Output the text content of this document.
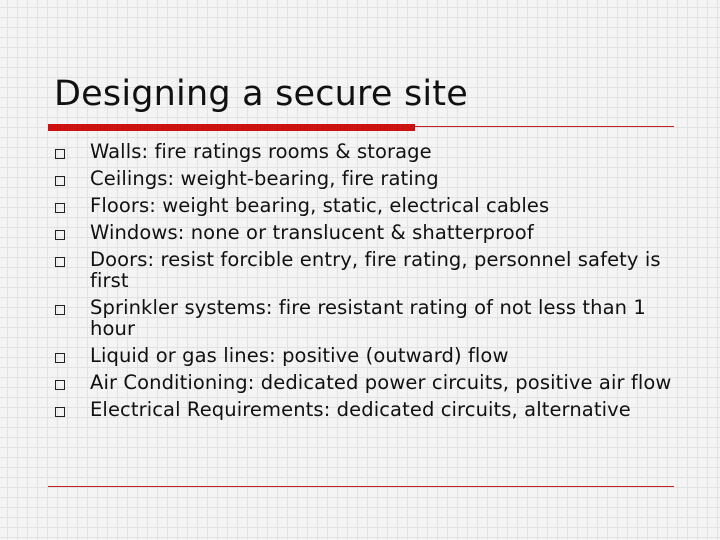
Designing a secure site
Walls: fire ratings rooms & storage
Ceilings: weight-bearing, fire rating
Floors: weight bearing, static, electrical cables
Windows: none or translucent & shatterproof
Doors: resist forcible entry, fire rating, personnel safety is first
Sprinkler systems: fire resistant rating of not less than 1 hour
Liquid or gas lines: positive (outward) flow
Air Conditioning: dedicated power circuits, positive air flow
Electrical Requirements: dedicated circuits, alternative
